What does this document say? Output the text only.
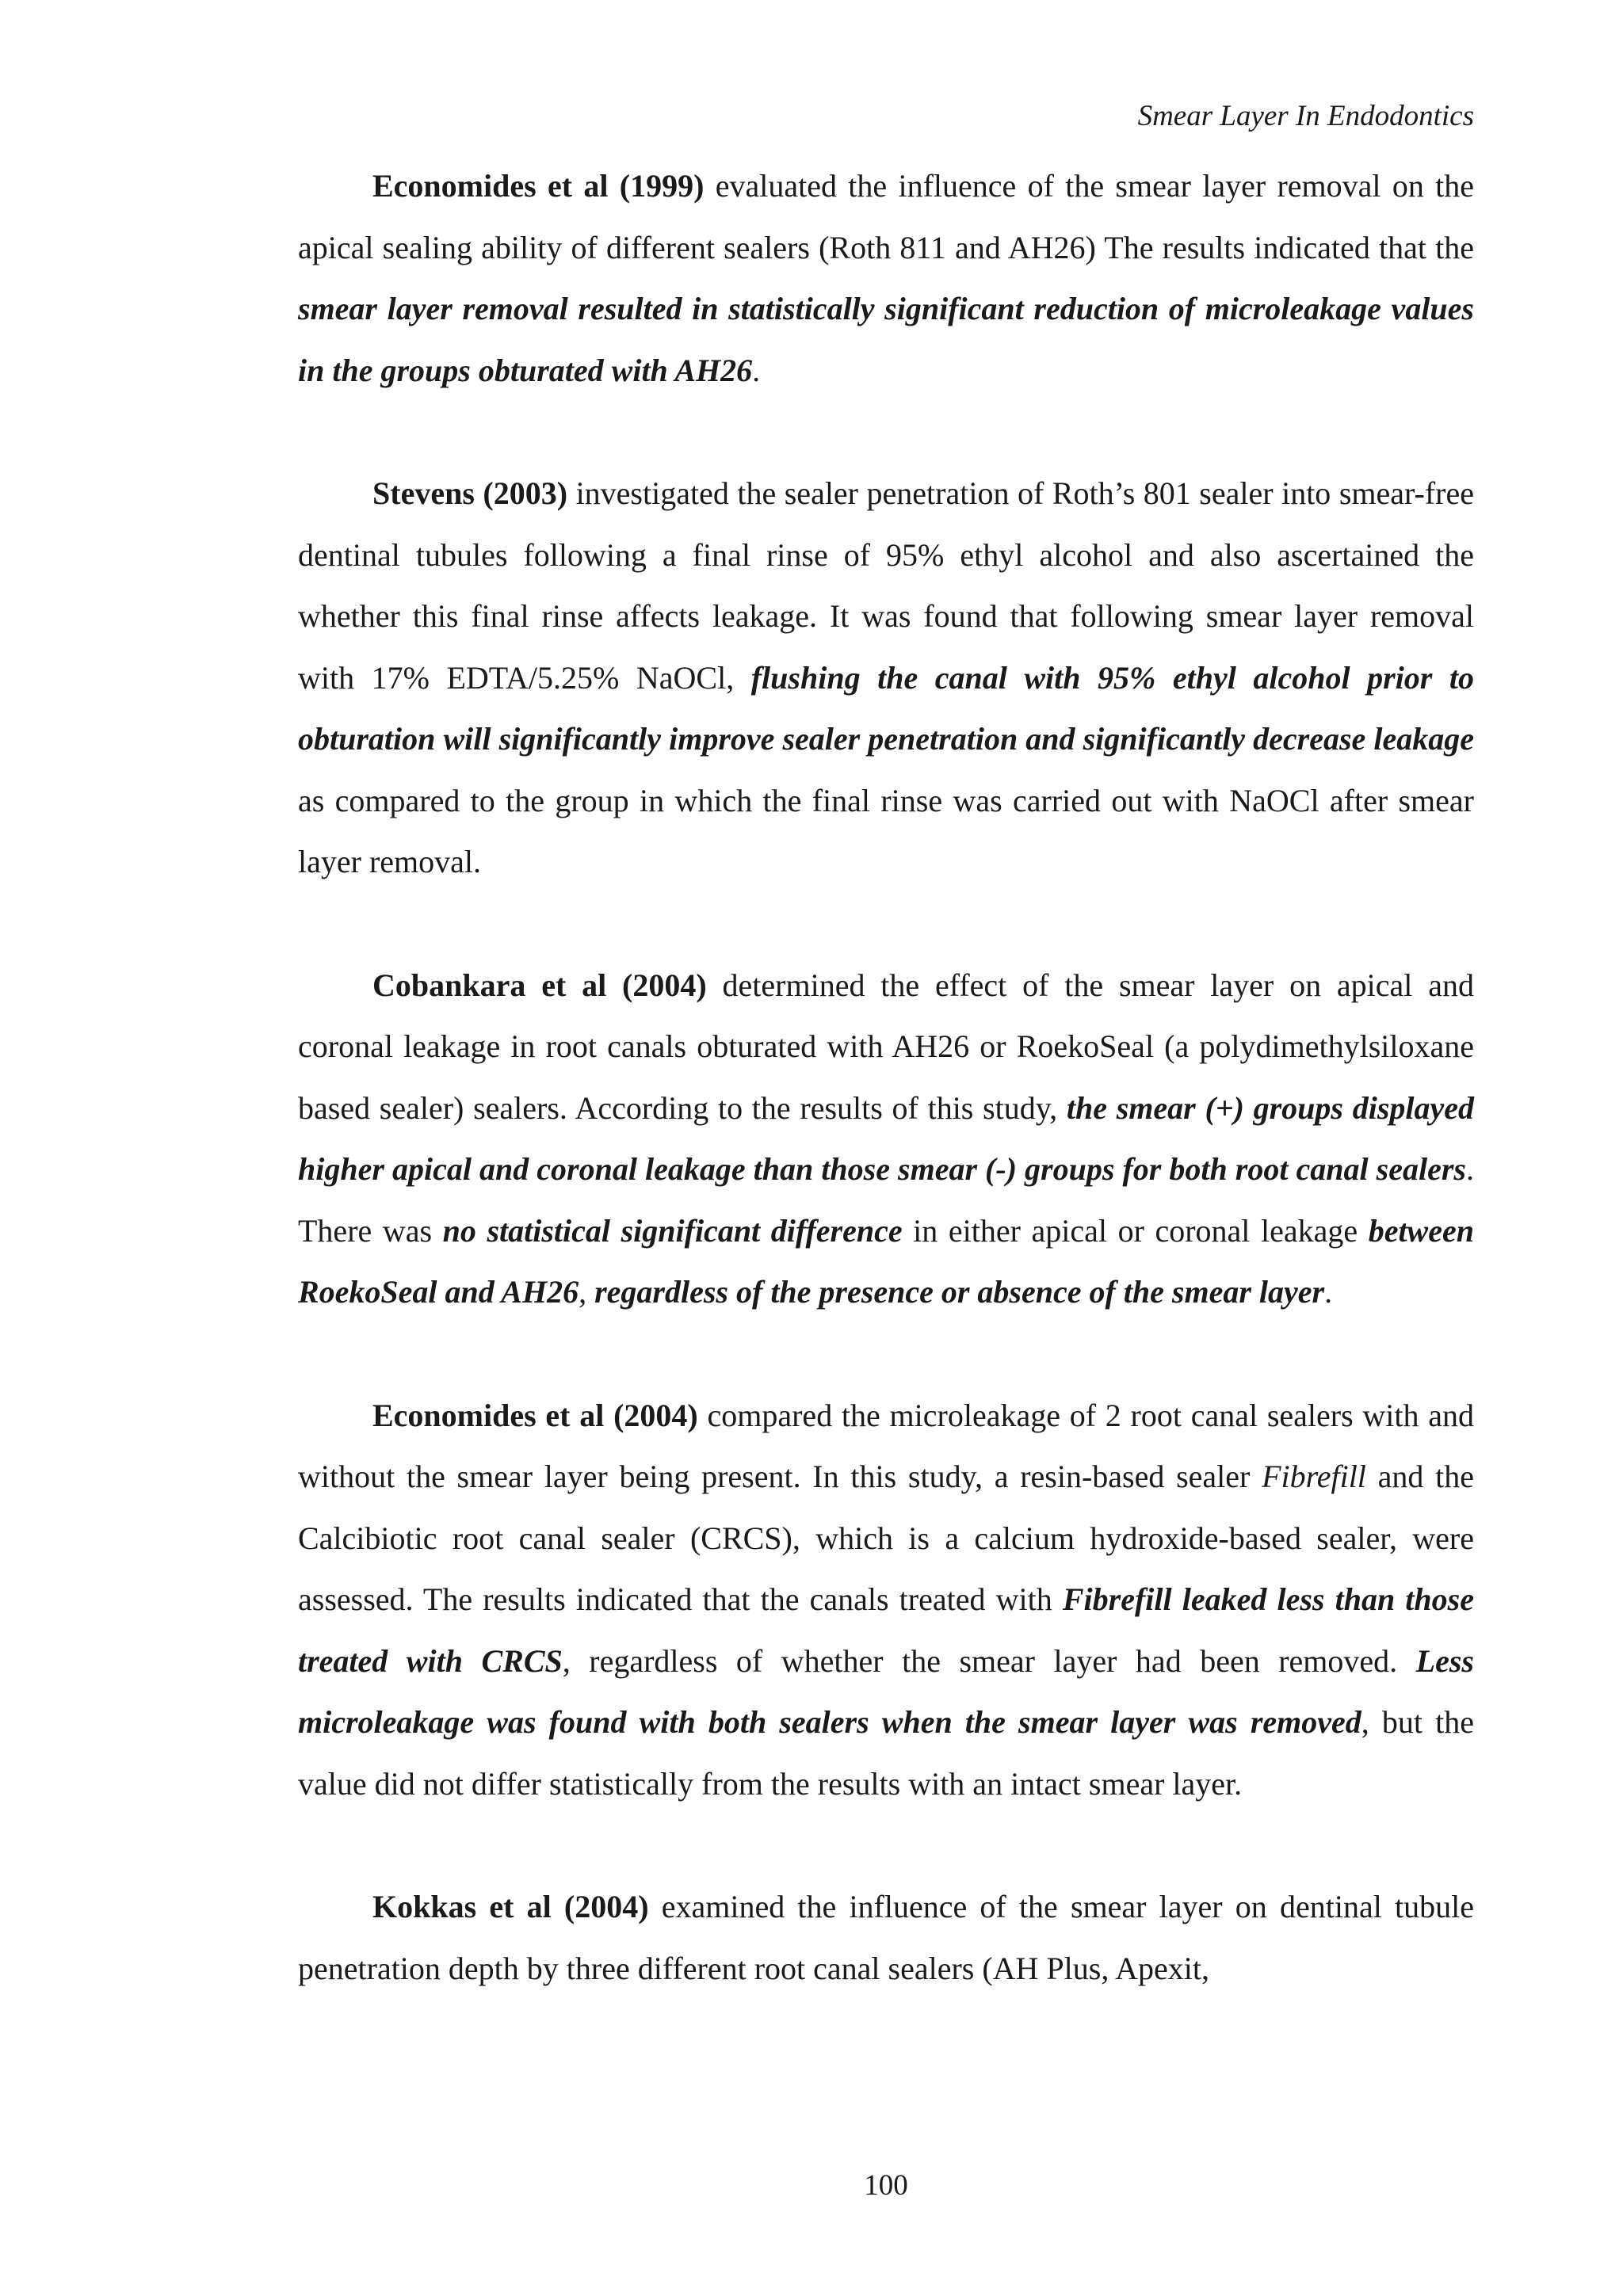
Smear Layer In Endodontics

Economides et al (1999) evaluated the influence of the smear layer removal on the apical sealing ability of different sealers (Roth 811 and AH26) The results indicated that the smear layer removal resulted in statistically significant reduction of microleakage values in the groups obturated with AH26.

Stevens (2003) investigated the sealer penetration of Roth’s 801 sealer into smear-free dentinal tubules following a final rinse of 95% ethyl alcohol and also ascertained the whether this final rinse affects leakage. It was found that following smear layer removal with 17% EDTA/5.25% NaOCl, flushing the canal with 95% ethyl alcohol prior to obturation will significantly improve sealer penetration and significantly decrease leakage as compared to the group in which the final rinse was carried out with NaOCl after smear layer removal.

Cobankara et al (2004) determined the effect of the smear layer on apical and coronal leakage in root canals obturated with AH26 or RoekoSeal (a polydimethylsiloxane based sealer) sealers. According to the results of this study, the smear (+) groups displayed higher apical and coronal leakage than those smear (-) groups for both root canal sealers. There was no statistical significant difference in either apical or coronal leakage between RoekoSeal and AH26, regardless of the presence or absence of the smear layer.

Economides et al (2004) compared the microleakage of 2 root canal sealers with and without the smear layer being present. In this study, a resin-based sealer Fibrefill and the Calcibiotic root canal sealer (CRCS), which is a calcium hydroxide-based sealer, were assessed. The results indicated that the canals treated with Fibrefill leaked less than those treated with CRCS, regardless of whether the smear layer had been removed. Less microleakage was found with both sealers when the smear layer was removed, but the value did not differ statistically from the results with an intact smear layer.

Kokkas et al (2004) examined the influence of the smear layer on dentinal tubule penetration depth by three different root canal sealers (AH Plus, Apexit,

100
